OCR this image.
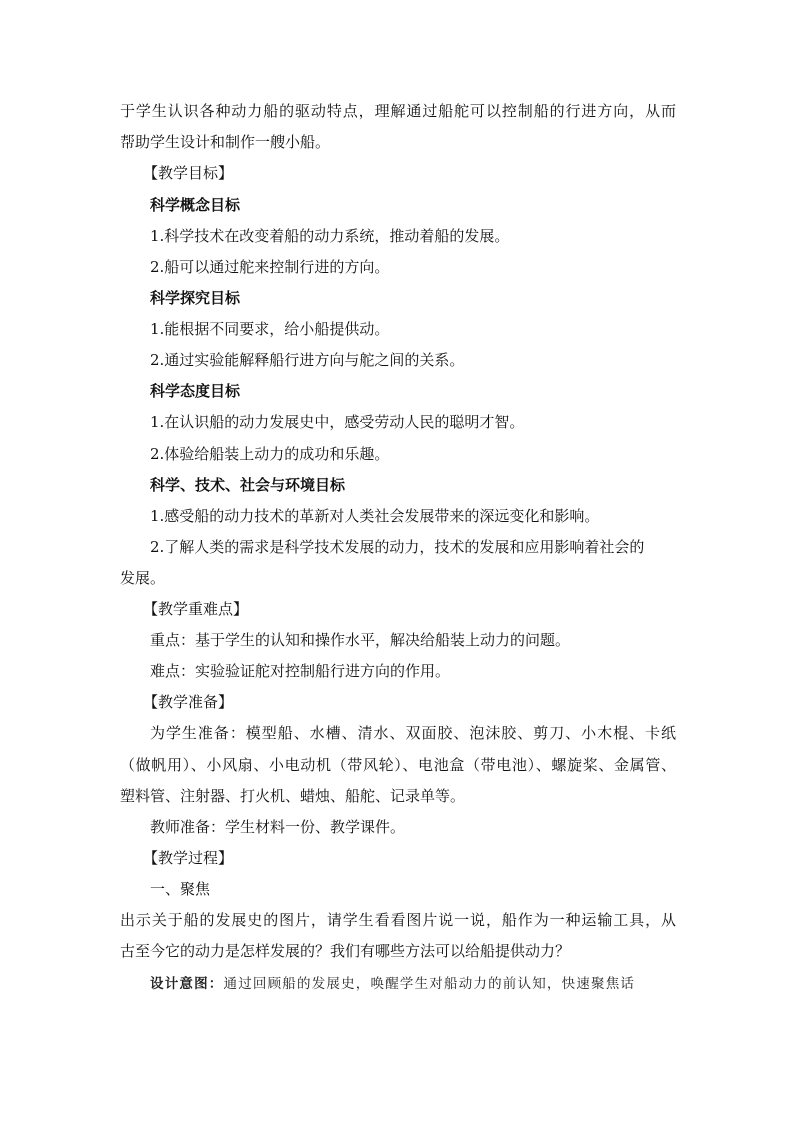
于学生认识各种动力船的驱动特点，理解通过船舵可以控制船的行进方向，从而
帮助学生设计和制作一艘小船。
【教学目标】
科学概念目标
1.科学技术在改变着船的动力系统，推动着船的发展。
2.船可以通过舵来控制行进的方向。
科学探究目标
1.能根据不同要求，给小船提供动。
2.通过实验能解释船行进方向与舵之间的关系。
科学态度目标
1.在认识船的动力发展史中，感受劳动人民的聪明才智。
2.体验给船装上动力的成功和乐趣。
科学、技术、社会与环境目标
1.感受船的动力技术的革新对人类社会发展带来的深远变化和影响。
2.了解人类的需求是科学技术发展的动力，技术的发展和应用影响着社会的
发展。
【教学重难点】
重点：基于学生的认知和操作水平，解决给船装上动力的问题。
难点：实验验证舵对控制船行进方向的作用。
【教学准备】
为学生准备：模型船、水槽、清水、双面胶、泡沫胶、剪刀、小木棍、卡纸
（做帆用）、小风扇、小电动机（带风轮）、电池盒（带电池）、螺旋桨、金属管、
塑料管、注射器、打火机、蜡烛、船舵、记录单等。
教师准备：学生材料一份、教学课件。
【教学过程】
一、聚焦
出示关于船的发展史的图片，请学生看看图片说一说，船作为一种运输工具，从
古至今它的动力是怎样发展的？我们有哪些方法可以给船提供动力？
设计意图：通过回顾船的发展史，唤醒学生对船动力的前认知，快速聚焦话
